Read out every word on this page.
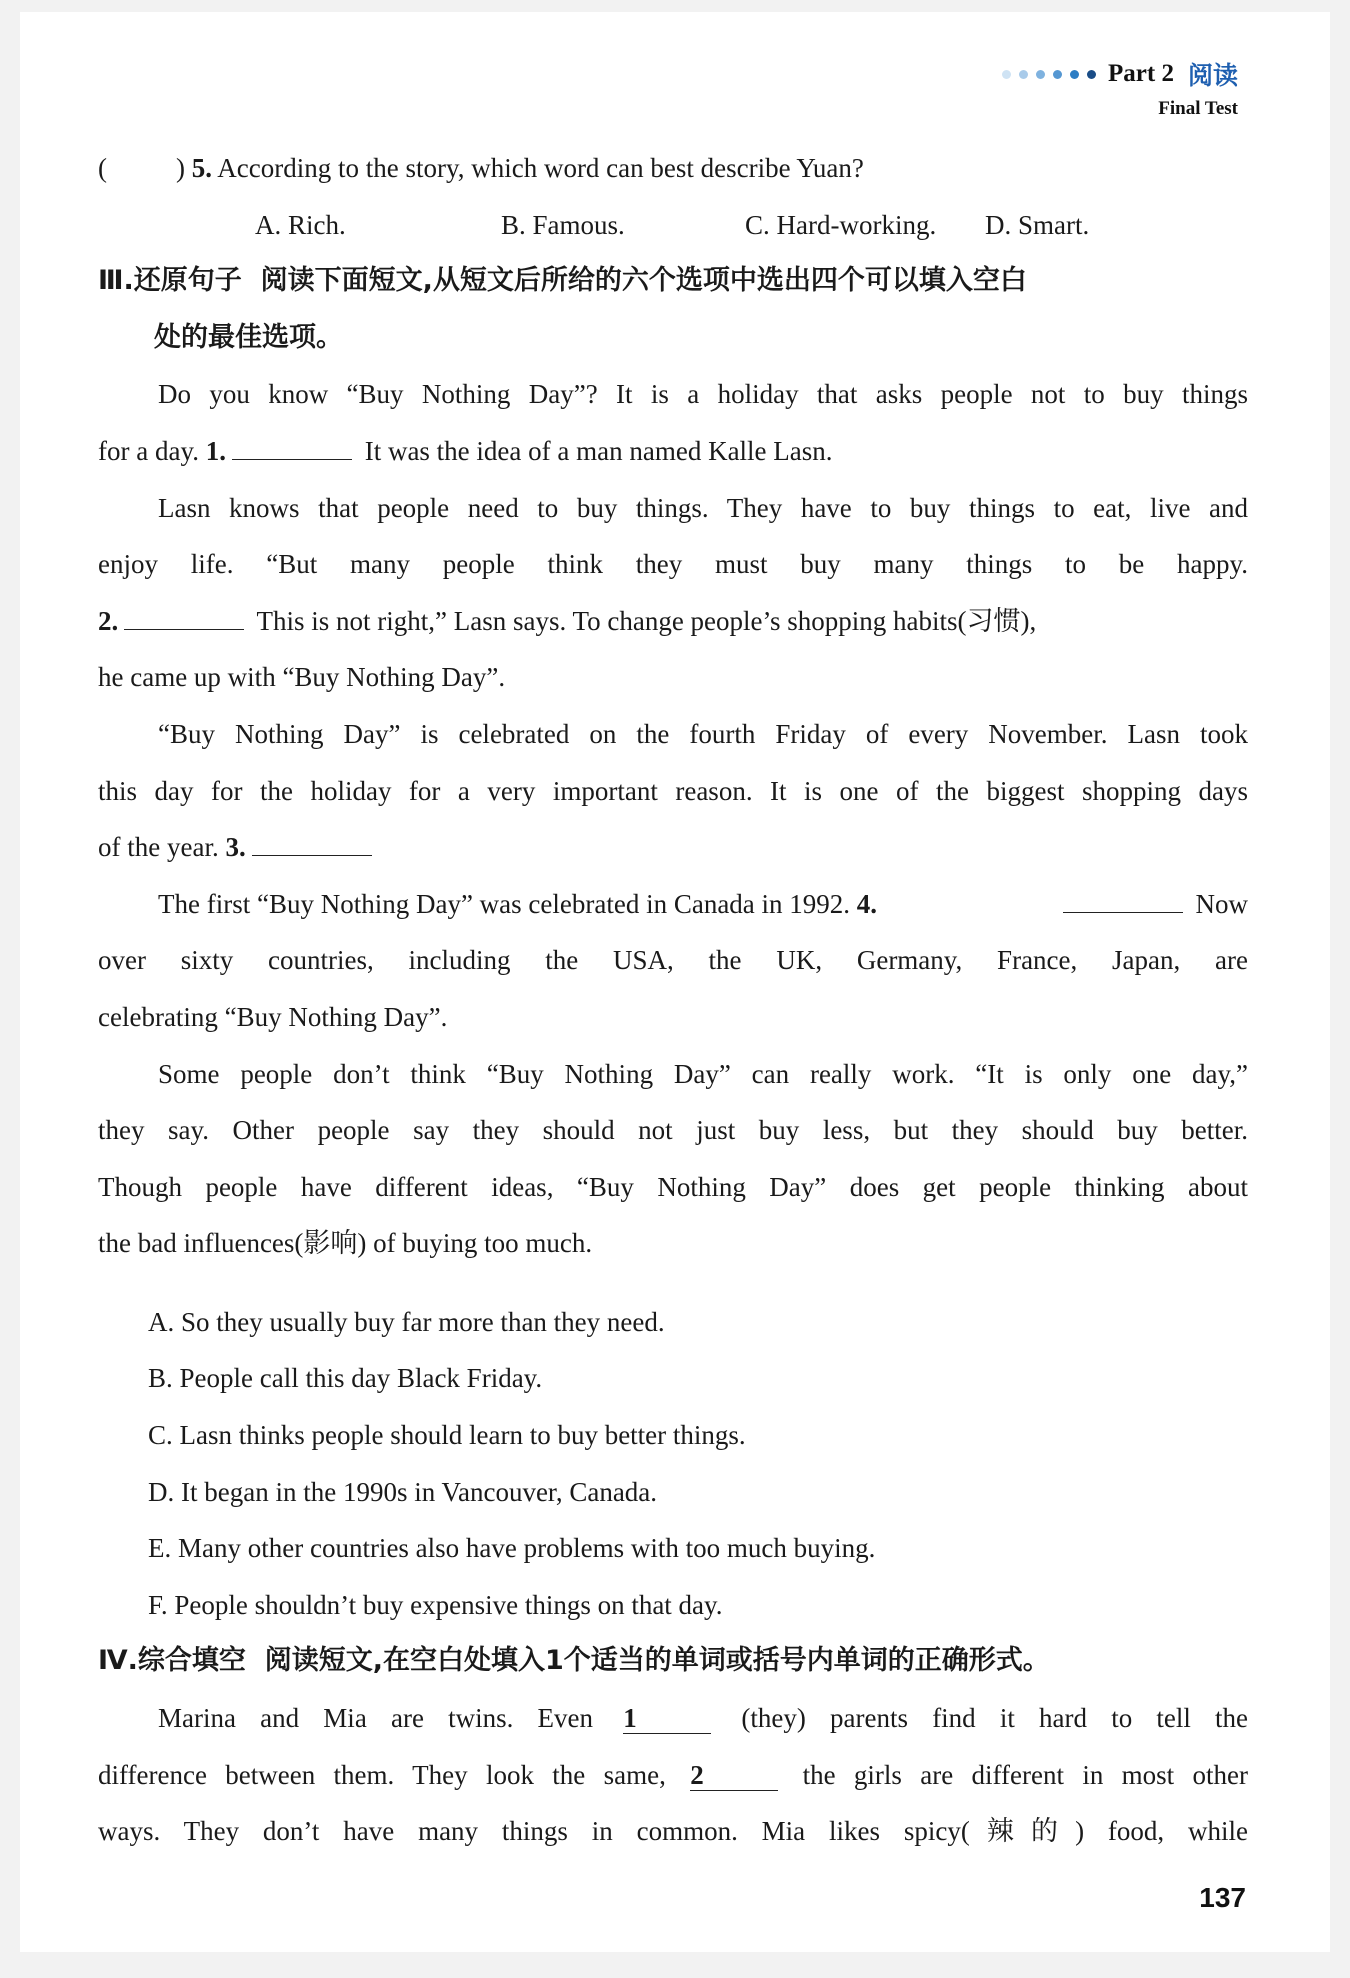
Part 2 阅读
Final Test
(	) 5. According to the story, which word can best describe Yuan?
A. Rich.	B. Famous.	C. Hard-working. D. Smart.
Ⅲ.还原句子 阅读下面短文,从短文后所给的六个选项中选出四个可以填入空白
处的最佳选项。
Do you know “Buy Nothing Day”? It is a holiday that asks people not to buy things
for a day. 1.	It was the idea of a man named Kalle Lasn.
Lasn knows that people need to buy things. They have to buy things to eat, live and
enjoy life. “But many people think they must buy many things to be happy.
2.	This is not right,” Lasn says. To change people’s shopping habits(习惯),
he came up with “Buy Nothing Day”.
“Buy Nothing Day” is celebrated on the fourth Friday of every November. Lasn took
this day for the holiday for a very important reason. It is one of the biggest shopping days
of the year. 3.
The first “Buy Nothing Day” was celebrated in Canada in 1992. 4.	Now
over sixty countries, including the USA, the UK, Germany, France, Japan, are
celebrating “Buy Nothing Day”.
Some people don’t think “Buy Nothing Day” can really work. “It is only one day,”
they say. Other people say they should not just buy less, but they should buy better.
Though people have different ideas, “Buy Nothing Day” does get people thinking about
the bad influences(影响) of buying too much.
A. So they usually buy far more than they need.
B. People call this day Black Friday.
C. Lasn thinks people should learn to buy better things.
D. It began in the 1990s in Vancouver, Canada.
E. Many other countries also have problems with too much buying.
F. People shouldn’t buy expensive things on that day.
Ⅳ.综合填空 阅读短文,在空白处填入1个适当的单词或括号内单词的正确形式。
Marina and Mia are twins. Even 1	(they) parents find it hard to tell the
difference between them. They look the same, 2	the girls are different in most other
ways. They don’t have many things in common. Mia likes spicy(辣的) food, while
137
